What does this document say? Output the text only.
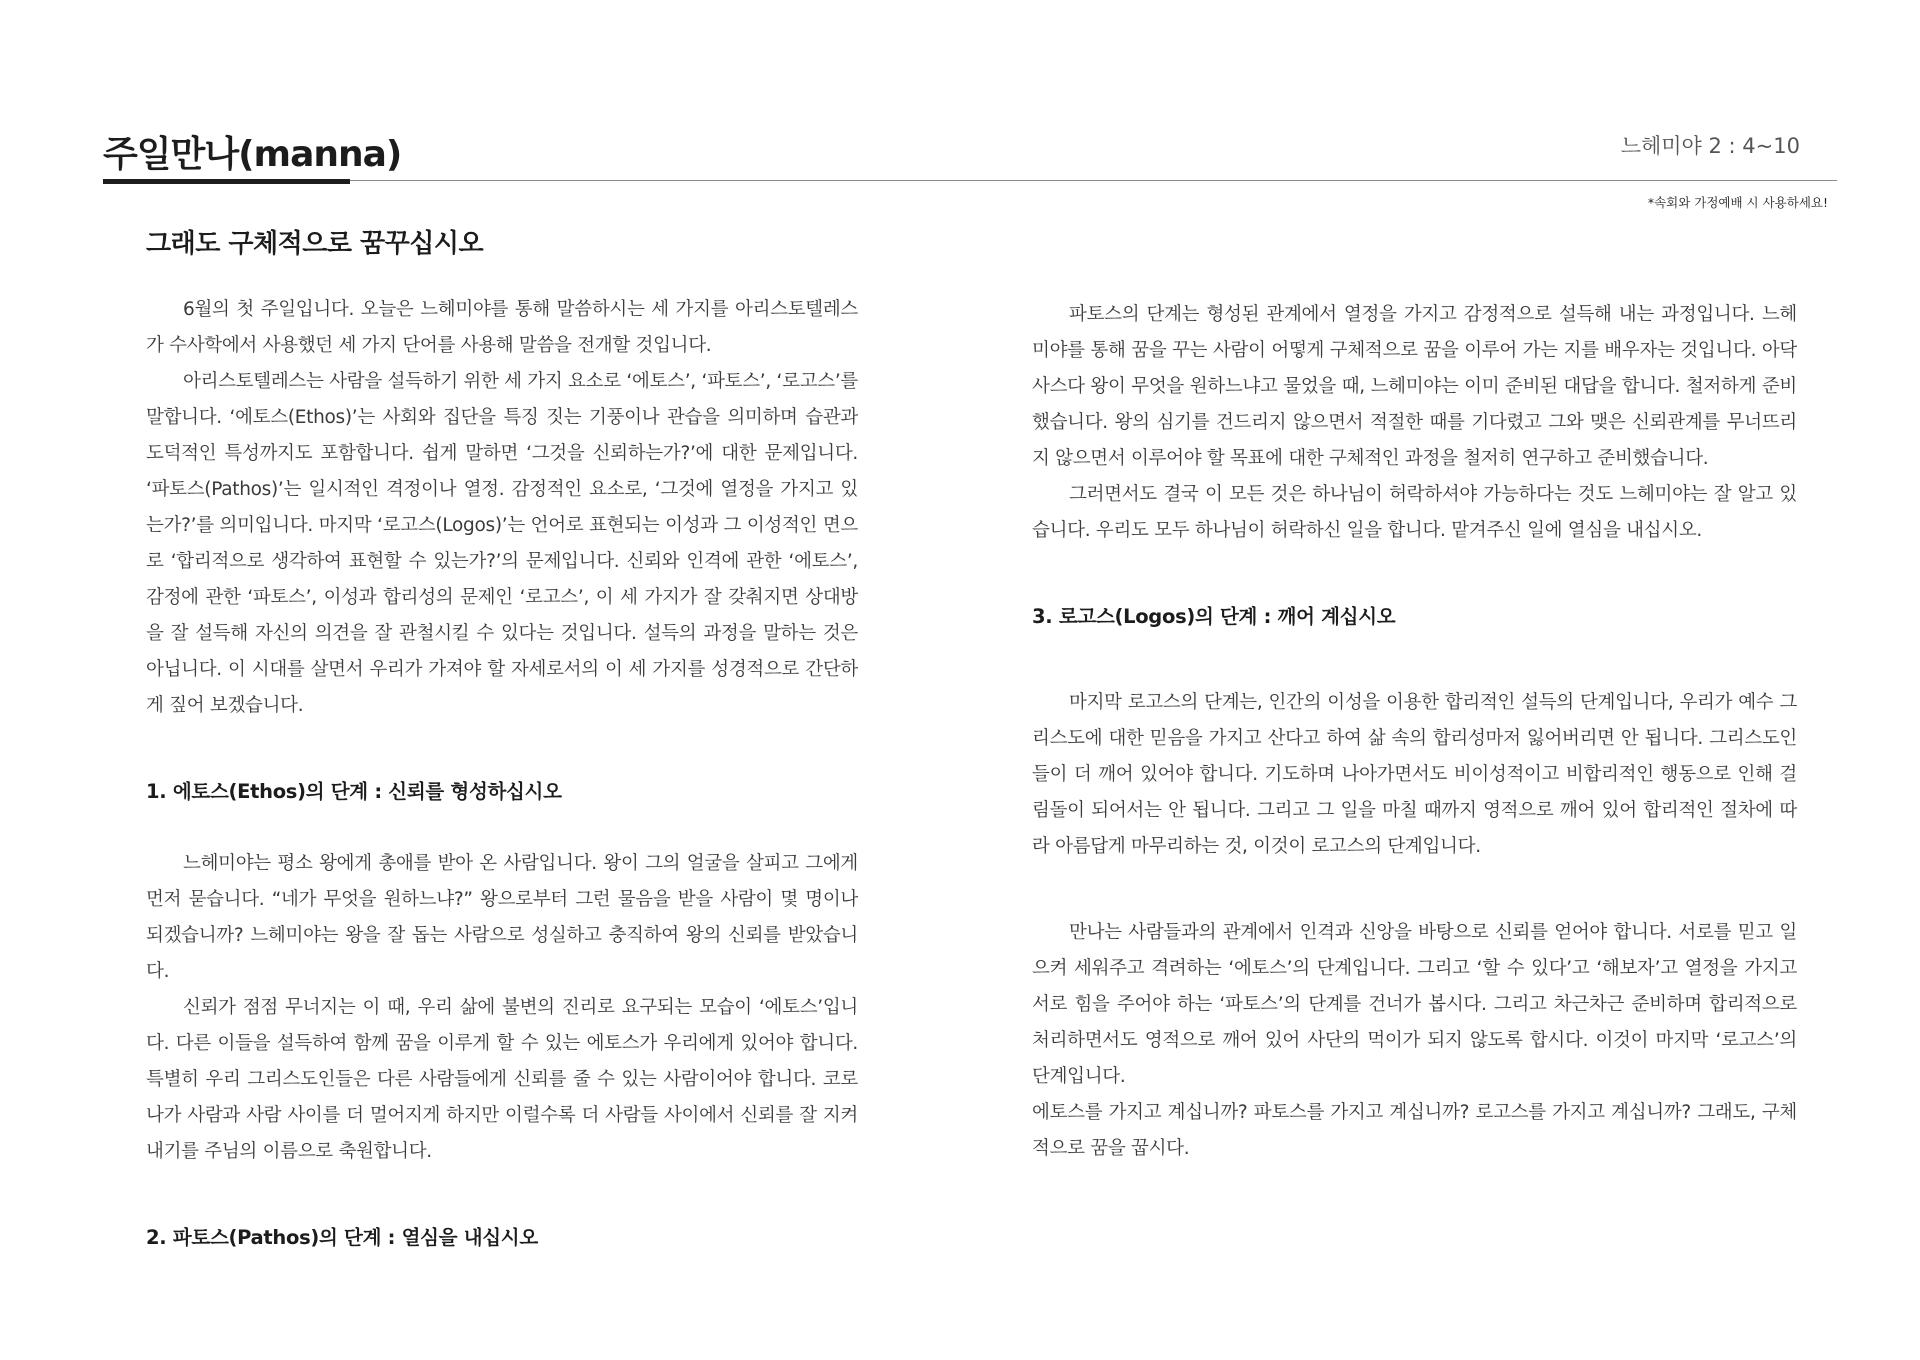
주일만나(manna)	느헤미야 2 : 4~10
*속회와 가정예배 시 사용하세요!
그래도 구체적으로 꿈꾸십시오

6월의 첫 주일입니다. 오늘은 느헤미야를 통해 말씀하시는 세 가지를 아리스토텔레스가 수사학에서 사용했던 세 가지 단어를 사용해 말씀을 전개할 것입니다.

아리스토텔레스는 사람을 설득하기 위한 세 가지 요소로 ‘에토스’, ‘파토스’, ‘로고스’를 말합니다. ‘에토스(Ethos)’는 사회와 집단을 특징 짓는 기풍이나 관습을 의미하며 습관과 도덕적인 특성까지도 포함합니다. 쉽게 말하면 ‘그것을 신뢰하는가?’에 대한 문제입니다. ‘파토스(Pathos)’는 일시적인 격정이나 열정. 감정적인 요소로, ‘그것에 열정을 가지고 있는가?’를 의미입니다. 마지막 ‘로고스(Logos)’는 언어로 표현되는 이성과 그 이성적인 면으로 ‘합리적으로 생각하여 표현할 수 있는가?’의 문제입니다. 신뢰와 인격에 관한 ‘에토스’, 감정에 관한 ‘파토스’, 이성과 합리성의 문제인 ‘로고스’, 이 세 가지가 잘 갖춰지면 상대방을 잘 설득해 자신의 의견을 잘 관철시킬 수 있다는 것입니다. 설득의 과정을 말하는 것은 아닙니다. 이 시대를 살면서 우리가 가져야 할 자세로서의 이 세 가지를 성경적으로 간단하게 짚어 보겠습니다.

1. 에토스(Ethos)의 단계 : 신뢰를 형성하십시오

느헤미야는 평소 왕에게 총애를 받아 온 사람입니다. 왕이 그의 얼굴을 살피고 그에게 먼저 묻습니다. “네가 무엇을 원하느냐?” 왕으로부터 그런 물음을 받을 사람이 몇 명이나 되겠습니까? 느헤미야는 왕을 잘 돕는 사람으로 성실하고 충직하여 왕의 신뢰를 받았습니다.

신뢰가 점점 무너지는 이 때, 우리 삶에 불변의 진리로 요구되는 모습이 ‘에토스’입니다. 다른 이들을 설득하여 함께 꿈을 이루게 할 수 있는 에토스가 우리에게 있어야 합니다. 특별히 우리 그리스도인들은 다른 사람들에게 신뢰를 줄 수 있는 사람이어야 합니다. 코로나가 사람과 사람 사이를 더 멀어지게 하지만 이럴수록 더 사람들 사이에서 신뢰를 잘 지켜 내기를 주님의 이름으로 축원합니다.

2. 파토스(Pathos)의 단계 : 열심을 내십시오

파토스의 단계는 형성된 관계에서 열정을 가지고 감정적으로 설득해 내는 과정입니다. 느헤미야를 통해 꿈을 꾸는 사람이 어떻게 구체적으로 꿈을 이루어 가는 지를 배우자는 것입니다. 아닥사스다 왕이 무엇을 원하느냐고 물었을 때, 느헤미야는 이미 준비된 대답을 합니다. 철저하게 준비했습니다. 왕의 심기를 건드리지 않으면서 적절한 때를 기다렸고 그와 맺은 신뢰관계를 무너뜨리지 않으면서 이루어야 할 목표에 대한 구체적인 과정을 철저히 연구하고 준비했습니다.

그러면서도 결국 이 모든 것은 하나님이 허락하셔야 가능하다는 것도 느헤미야는 잘 알고 있습니다. 우리도 모두 하나님이 허락하신 일을 합니다. 맡겨주신 일에 열심을 내십시오.

3. 로고스(Logos)의 단계 : 깨어 계십시오

마지막 로고스의 단계는, 인간의 이성을 이용한 합리적인 설득의 단계입니다, 우리가 예수 그리스도에 대한 믿음을 가지고 산다고 하여 삶 속의 합리성마저 잃어버리면 안 됩니다. 그리스도인들이 더 깨어 있어야 합니다. 기도하며 나아가면서도 비이성적이고 비합리적인 행동으로 인해 걸림돌이 되어서는 안 됩니다. 그리고 그 일을 마칠 때까지 영적으로 깨어 있어 합리적인 절차에 따라 아름답게 마무리하는 것, 이것이 로고스의 단계입니다.

만나는 사람들과의 관계에서 인격과 신앙을 바탕으로 신뢰를 얻어야 합니다. 서로를 믿고 일으켜 세워주고 격려하는 ‘에토스’의 단계입니다. 그리고 ‘할 수 있다’고 ‘해보자’고 열정을 가지고 서로 힘을 주어야 하는 ‘파토스’의 단계를 건너가 봅시다. 그리고 차근차근 준비하며 합리적으로 처리하면서도 영적으로 깨어 있어 사단의 먹이가 되지 않도록 합시다. 이것이 마지막 ‘로고스’의 단계입니다.

에토스를 가지고 계십니까? 파토스를 가지고 계십니까? 로고스를 가지고 계십니까? 그래도, 구체적으로 꿈을 꿉시다.
